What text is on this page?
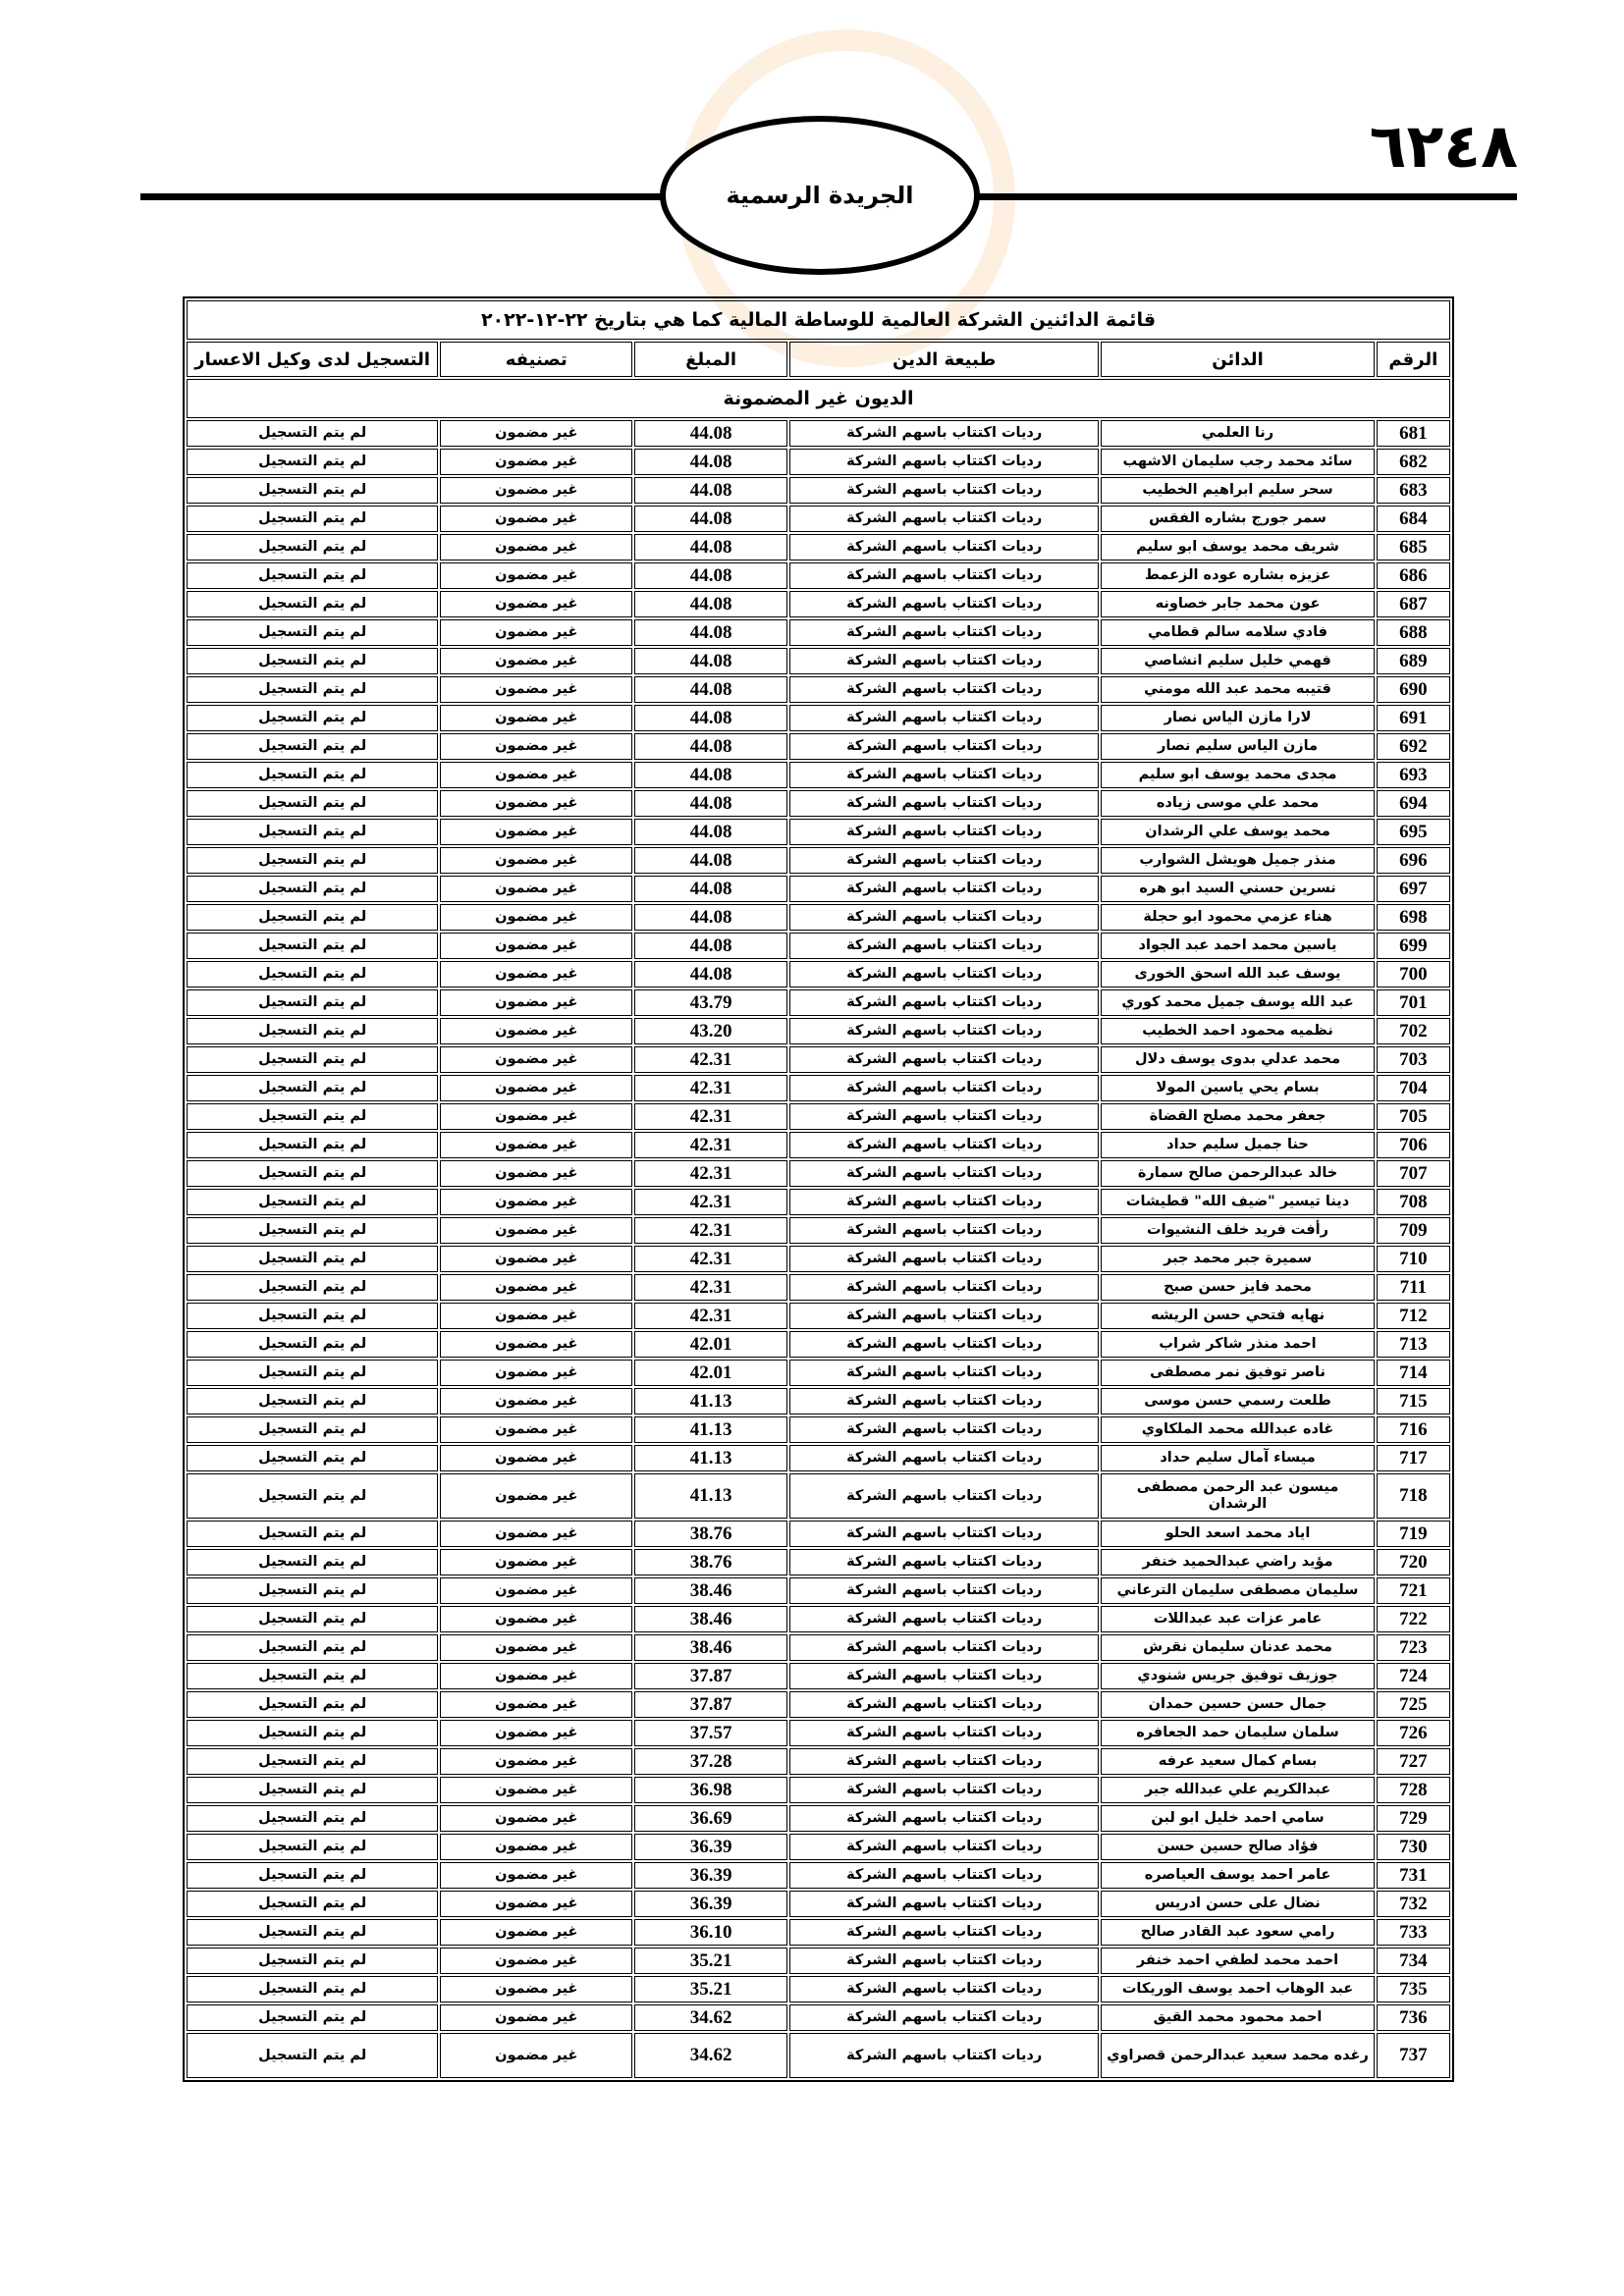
٦٢٤٨
الجريدة الرسمية
قائمة الدائنين الشركة العالمية للوساطة المالية كما هي بتاريخ ٢٢-١٢-٢٠٢٢					
الرقم	الدائن	طبيعة الدين	المبلغ	تصنيفه	التسجيل لدى وكيل الاعسار
الديون غير المضمونة					
681	رنا العلمي	رديات اكتتاب باسهم الشركة	44.08	غير مضمون	لم يتم التسجيل
682	سائد محمد رجب سليمان الاشهب	رديات اكتتاب باسهم الشركة	44.08	غير مضمون	لم يتم التسجيل
683	سحر سليم ابراهيم الخطيب	رديات اكتتاب باسهم الشركة	44.08	غير مضمون	لم يتم التسجيل
684	سمر جورج بشاره الفقس	رديات اكتتاب باسهم الشركة	44.08	غير مضمون	لم يتم التسجيل
685	شريف محمد يوسف ابو سليم	رديات اكتتاب باسهم الشركة	44.08	غير مضمون	لم يتم التسجيل
686	عزيزه بشاره عوده الزعمط	رديات اكتتاب باسهم الشركة	44.08	غير مضمون	لم يتم التسجيل
687	عون محمد جابر خصاونه	رديات اكتتاب باسهم الشركة	44.08	غير مضمون	لم يتم التسجيل
688	فادي سلامه سالم قطامي	رديات اكتتاب باسهم الشركة	44.08	غير مضمون	لم يتم التسجيل
689	فهمي خليل سليم انشاصي	رديات اكتتاب باسهم الشركة	44.08	غير مضمون	لم يتم التسجيل
690	قتيبه محمد عبد الله مومني	رديات اكتتاب باسهم الشركة	44.08	غير مضمون	لم يتم التسجيل
691	لارا مازن الياس نصار	رديات اكتتاب باسهم الشركة	44.08	غير مضمون	لم يتم التسجيل
692	مازن الياس سليم نصار	رديات اكتتاب باسهم الشركة	44.08	غير مضمون	لم يتم التسجيل
693	مجدى محمد يوسف ابو سليم	رديات اكتتاب باسهم الشركة	44.08	غير مضمون	لم يتم التسجيل
694	محمد علي موسى زياده	رديات اكتتاب باسهم الشركة	44.08	غير مضمون	لم يتم التسجيل
695	محمد يوسف علي الرشدان	رديات اكتتاب باسهم الشركة	44.08	غير مضمون	لم يتم التسجيل
696	منذر جميل هويشل الشوارب	رديات اكتتاب باسهم الشركة	44.08	غير مضمون	لم يتم التسجيل
697	نسرين حسني السيد ابو هره	رديات اكتتاب باسهم الشركة	44.08	غير مضمون	لم يتم التسجيل
698	هناء عزمي محمود ابو حجلة	رديات اكتتاب باسهم الشركة	44.08	غير مضمون	لم يتم التسجيل
699	ياسين محمد احمد عبد الجواد	رديات اكتتاب باسهم الشركة	44.08	غير مضمون	لم يتم التسجيل
700	يوسف عبد الله اسحق الخورى	رديات اكتتاب باسهم الشركة	44.08	غير مضمون	لم يتم التسجيل
701	عبد الله يوسف جميل محمد كوري	رديات اكتتاب باسهم الشركة	43.79	غير مضمون	لم يتم التسجيل
702	نظميه محمود احمد الخطيب	رديات اكتتاب باسهم الشركة	43.20	غير مضمون	لم يتم التسجيل
703	محمد عدلي بدوى يوسف دلال	رديات اكتتاب باسهم الشركة	42.31	غير مضمون	لم يتم التسجيل
704	بسام يحي ياسين المولا	رديات اكتتاب باسهم الشركة	42.31	غير مضمون	لم يتم التسجيل
705	جعفر محمد مصلح القضاة	رديات اكتتاب باسهم الشركة	42.31	غير مضمون	لم يتم التسجيل
706	حنا جميل سليم حداد	رديات اكتتاب باسهم الشركة	42.31	غير مضمون	لم يتم التسجيل
707	خالد عبدالرحمن صالح سمارة	رديات اكتتاب باسهم الشركة	42.31	غير مضمون	لم يتم التسجيل
708	دينا تيسير "ضيف الله" قطيشات	رديات اكتتاب باسهم الشركة	42.31	غير مضمون	لم يتم التسجيل
709	رأفت فريد خلف النشيوات	رديات اكتتاب باسهم الشركة	42.31	غير مضمون	لم يتم التسجيل
710	سميرة جبر محمد جبر	رديات اكتتاب باسهم الشركة	42.31	غير مضمون	لم يتم التسجيل
711	محمد فايز حسن صبح	رديات اكتتاب باسهم الشركة	42.31	غير مضمون	لم يتم التسجيل
712	نهايه فتحي حسن الريشه	رديات اكتتاب باسهم الشركة	42.31	غير مضمون	لم يتم التسجيل
713	احمد منذر شاكر شراب	رديات اكتتاب باسهم الشركة	42.01	غير مضمون	لم يتم التسجيل
714	ناصر توفيق نمر مصطفى	رديات اكتتاب باسهم الشركة	42.01	غير مضمون	لم يتم التسجيل
715	طلعت رسمي حسن موسى	رديات اكتتاب باسهم الشركة	41.13	غير مضمون	لم يتم التسجيل
716	غاده عبدالله محمد الملكاوي	رديات اكتتاب باسهم الشركة	41.13	غير مضمون	لم يتم التسجيل
717	ميساء آمال سليم حداد	رديات اكتتاب باسهم الشركة	41.13	غير مضمون	لم يتم التسجيل
718	ميسون عبد الرحمن مصطفى الرشدان	رديات اكتتاب باسهم الشركة	41.13	غير مضمون	لم يتم التسجيل
719	اياد محمد اسعد الحلو	رديات اكتتاب باسهم الشركة	38.76	غير مضمون	لم يتم التسجيل
720	مؤيد راضي عبدالحميد خنفر	رديات اكتتاب باسهم الشركة	38.76	غير مضمون	لم يتم التسجيل
721	سليمان مصطفى سليمان الترعاني	رديات اكتتاب باسهم الشركة	38.46	غير مضمون	لم يتم التسجيل
722	عامر عزات عبد عبداللات	رديات اكتتاب باسهم الشركة	38.46	غير مضمون	لم يتم التسجيل
723	محمد عدنان سليمان نقرش	رديات اكتتاب باسهم الشركة	38.46	غير مضمون	لم يتم التسجيل
724	جوزيف توفيق جريس شنودي	رديات اكتتاب باسهم الشركة	37.87	غير مضمون	لم يتم التسجيل
725	جمال حسن حسين حمدان	رديات اكتتاب باسهم الشركة	37.87	غير مضمون	لم يتم التسجيل
726	سلمان سليمان حمد الجعافره	رديات اكتتاب باسهم الشركة	37.57	غير مضمون	لم يتم التسجيل
727	بسام كمال سعيد عرفه	رديات اكتتاب باسهم الشركة	37.28	غير مضمون	لم يتم التسجيل
728	عبدالكريم علي عبدالله جبر	رديات اكتتاب باسهم الشركة	36.98	غير مضمون	لم يتم التسجيل
729	سامي احمد خليل ابو لبن	رديات اكتتاب باسهم الشركة	36.69	غير مضمون	لم يتم التسجيل
730	فؤاد صالح حسين حسن	رديات اكتتاب باسهم الشركة	36.39	غير مضمون	لم يتم التسجيل
731	عامر احمد يوسف العياصره	رديات اكتتاب باسهم الشركة	36.39	غير مضمون	لم يتم التسجيل
732	نضال على حسن ادريس	رديات اكتتاب باسهم الشركة	36.39	غير مضمون	لم يتم التسجيل
733	رامي سعود عبد القادر صالح	رديات اكتتاب باسهم الشركة	36.10	غير مضمون	لم يتم التسجيل
734	احمد محمد لطفي احمد خنفر	رديات اكتتاب باسهم الشركة	35.21	غير مضمون	لم يتم التسجيل
735	عبد الوهاب احمد يوسف الوريكات	رديات اكتتاب باسهم الشركة	35.21	غير مضمون	لم يتم التسجيل
736	احمد محمود محمد القيق	رديات اكتتاب باسهم الشركة	34.62	غير مضمون	لم يتم التسجيل
737	رغده محمد سعيد عبدالرحمن قصراوي	رديات اكتتاب باسهم الشركة	34.62	غير مضمون	لم يتم التسجيل
